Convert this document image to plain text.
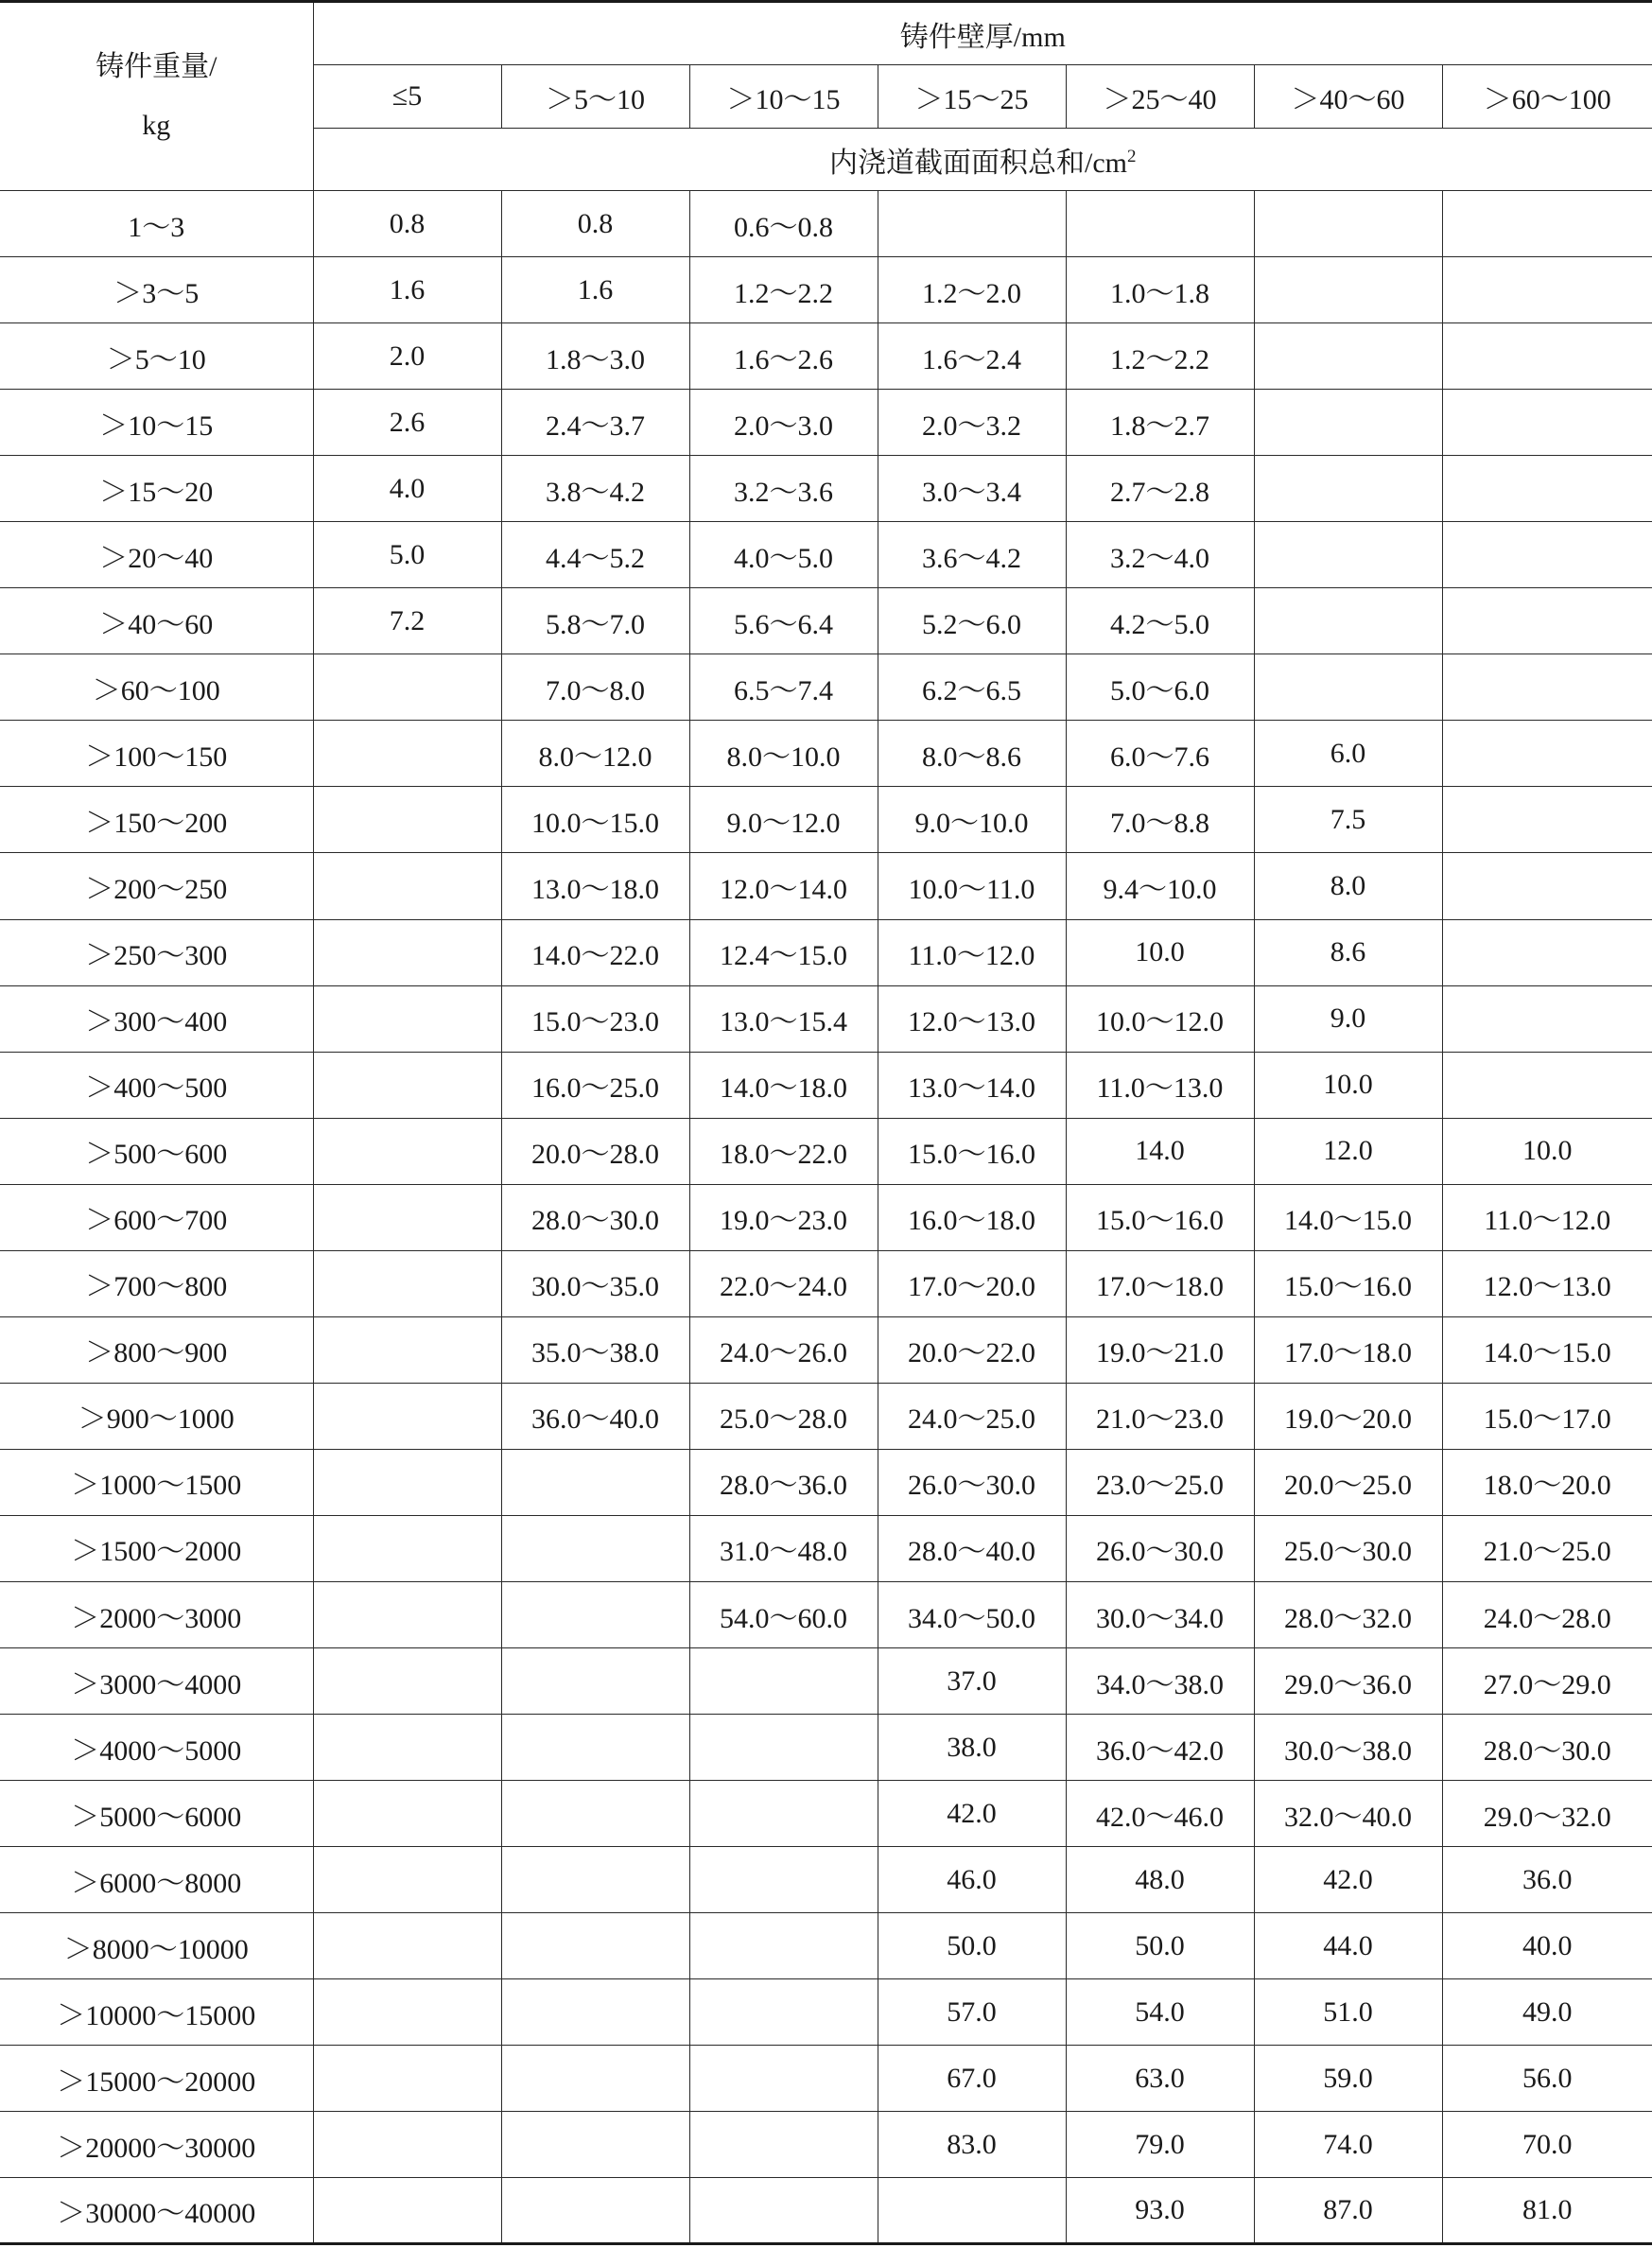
铸件重量/
kg	铸件壁厚/mm						
	≤5	＞5～10	＞10～15	＞15～25	＞25～40	＞40～60	＞60～100
	内浇道截面面积总和$/cm^2$
1～3	0.8	0.8	0.6～0.8				
＞3～5	1.6	1.6	1.2～2.2	1.2～2.0	1.0～1.8		
＞5～10	2.0	1.8～3.0	1.6～2.6	1.6～2.4	1.2～2.2		
＞10～15	2.6	2.4～3.7	2.0～3.0	2.0～3.2	1.8～2.7		
＞15～20	4.0	3.8～4.2	3.2～3.6	3.0～3.4	2.7～2.8		
＞20～40	5.0	4.4～5.2	4.0～5.0	3.6～4.2	3.2～4.0		
＞40～60	7.2	5.8～7.0	5.6～6.4	5.2～6.0	4.2～5.0		
＞60～100		7.0～8.0	6.5～7.4	6.2～6.5	5.0～6.0		
＞100～150		8.0～12.0	8.0～10.0	8.0～8.6	6.0～7.6	6.0	
＞150～200		10.0～15.0	9.0～12.0	9.0～10.0	7.0～8.8	7.5	
＞200～250		13.0～18.0	12.0～14.0	10.0～11.0	9.4～10.0	8.0	
＞250～300		14.0～22.0	12.4～15.0	11.0～12.0	10.0	8.6	
＞300～400		15.0～23.0	13.0～15.4	12.0～13.0	10.0～12.0	9.0	
＞400～500		16.0～25.0	14.0～18.0	13.0～14.0	11.0～13.0	10.0	
＞500～600		20.0～28.0	18.0～22.0	15.0～16.0	14.0	12.0	10.0
＞600～700		28.0～30.0	19.0～23.0	16.0～18.0	15.0～16.0	14.0～15.0	11.0～12.0
＞700～800		30.0～35.0	22.0～24.0	17.0～20.0	17.0～18.0	15.0～16.0	12.0～13.0
＞800～900		35.0～38.0	24.0～26.0	20.0～22.0	19.0～21.0	17.0～18.0	14.0～15.0
＞900～1000		36.0～40.0	25.0～28.0	24.0～25.0	21.0～23.0	19.0～20.0	15.0～17.0
＞1000～1500			28.0～36.0	26.0～30.0	23.0～25.0	20.0～25.0	18.0～20.0
＞1500～2000			31.0～48.0	28.0～40.0	26.0～30.0	25.0～30.0	21.0～25.0
＞2000～3000			54.0～60.0	34.0～50.0	30.0～34.0	28.0～32.0	24.0～28.0
＞3000～4000				37.0	34.0～38.0	29.0～36.0	27.0～29.0
＞4000～5000				38.0	36.0～42.0	30.0～38.0	28.0～30.0
＞5000～6000				42.0	42.0～46.0	32.0～40.0	29.0～32.0
＞6000～8000				46.0	48.0	42.0	36.0
＞8000～10000				50.0	50.0	44.0	40.0
＞10000～15000				57.0	54.0	51.0	49.0
＞15000～20000				67.0	63.0	59.0	56.0
＞20000～30000				83.0	79.0	74.0	70.0
＞30000～40000					93.0	87.0	81.0
